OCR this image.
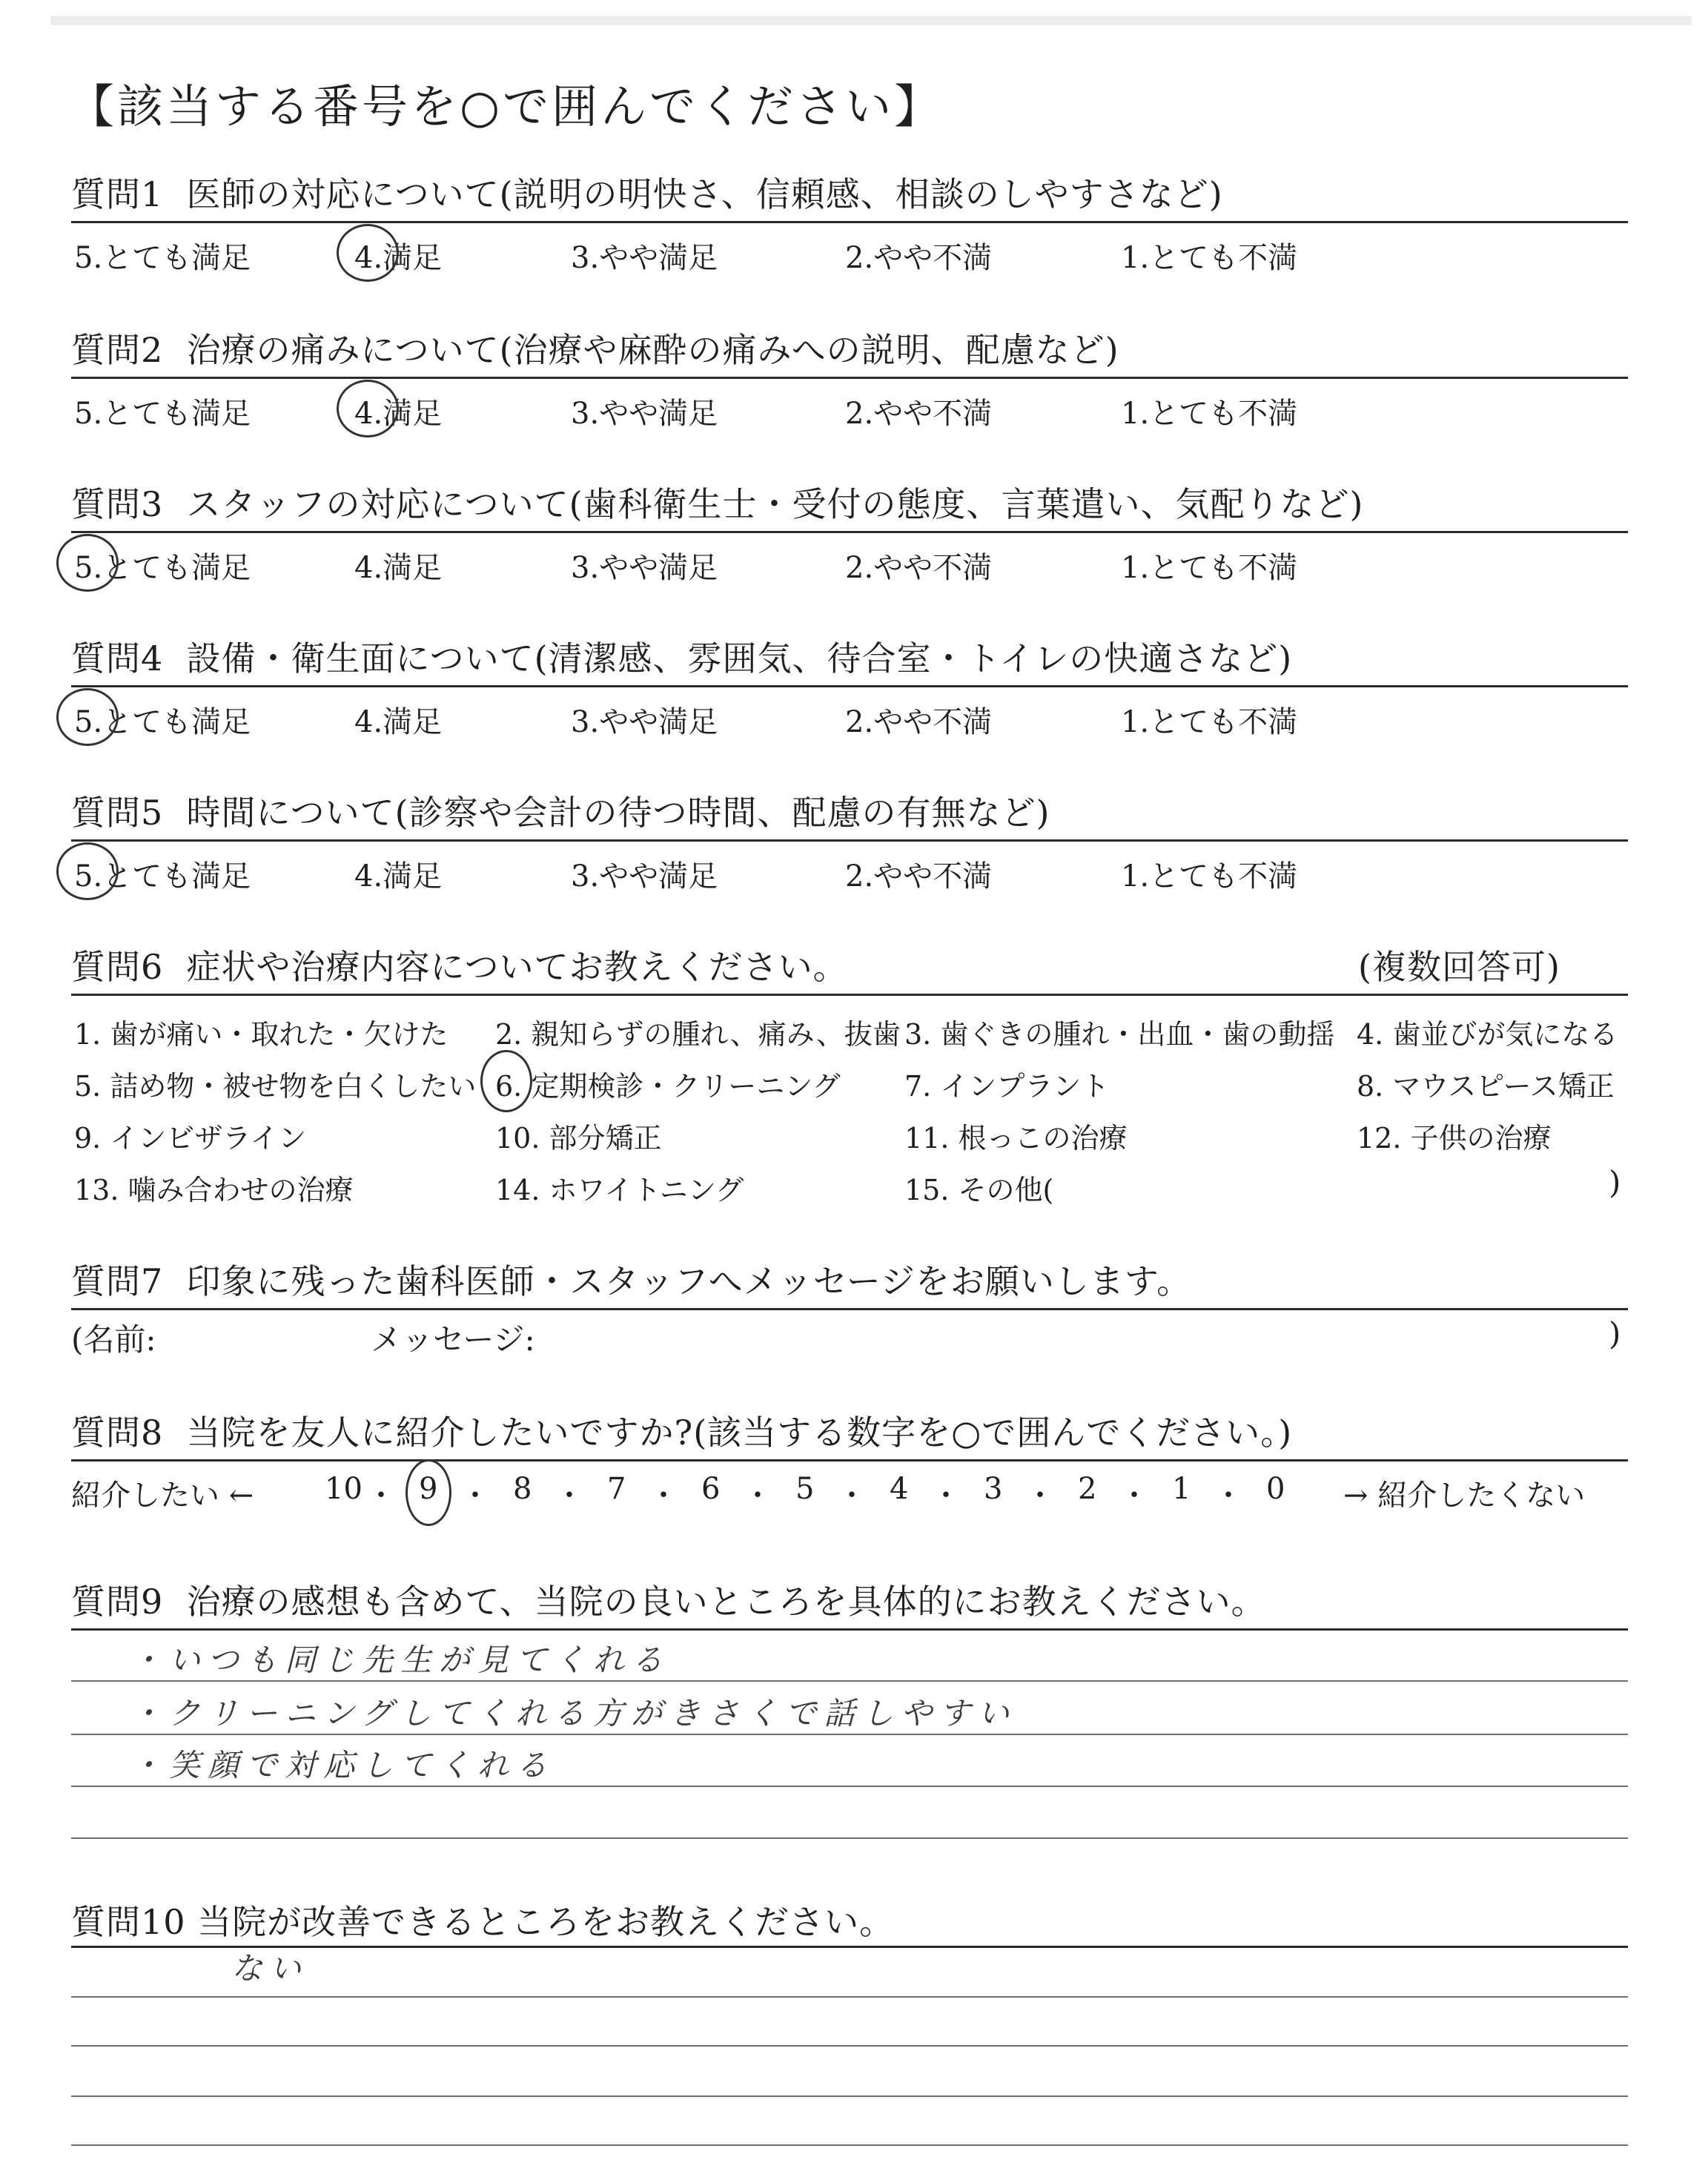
【該当する番号を○で囲んでください】
質問1 医師の対応について(説明の明快さ、信頼感、相談のしやすさなど)
5.とても満足	4.満足	3.やや満足	2.やや不満	1.とても不満
質問2 治療の痛みについて(治療や麻酔の痛みへの説明、配慮など)
5.とても満足	4.満足	3.やや満足	2.やや不満	1.とても不満
質問3 スタッフの対応について(歯科衛生士・受付の態度、言葉遣い、気配りなど)
5.とても満足	4.満足	3.やや満足	2.やや不満	1.とても不満
質問4 設備・衛生面について(清潔感、雰囲気、待合室・トイレの快適さなど)
5.とても満足	4.満足	3.やや満足	2.やや不満	1.とても不満
質問5 時間について(診察や会計の待つ時間、配慮の有無など)
5.とても満足	4.満足	3.やや満足	2.やや不満	1.とても不満
質問6 症状や治療内容についてお教えください。	(複数回答可)
1. 歯が痛い・取れた・欠けた 2. 親知らずの腫れ、痛み、抜歯 3. 歯ぐきの腫れ・出血・歯の動揺 4. 歯並びが気になる
5. 詰め物・被せ物を白くしたい 6. 定期検診・クリーニング 7. インプラント	8. マウスピース矯正
9. インビザライン	10. 部分矯正	11. 根っこの治療	12. 子供の治療
13. 噛み合わせの治療	14. ホワイトニング	15. その他(	)
質問7 印象に残った歯科医師・スタッフへメッセージをお願いします。
(名前:	メッセージ:	)
質問8 当院を友人に紹介したいですか?(該当する数字を○で囲んでください。)
紹介したい ← 10 ・ 9 ・ 8 ・ 7 ・ 6 ・ 5 ・ 4 ・ 3 ・ 2 ・ 1 ・ 0 → 紹介したくない
質問9 治療の感想も含めて、当院の良いところを具体的にお教えください。
・いつも同じ先生が見てくれる
・クリーニングしてくれる方がきさくで話しやすい
・笑顔で対応してくれる
質問10 当院が改善できるところをお教えください。
ない
